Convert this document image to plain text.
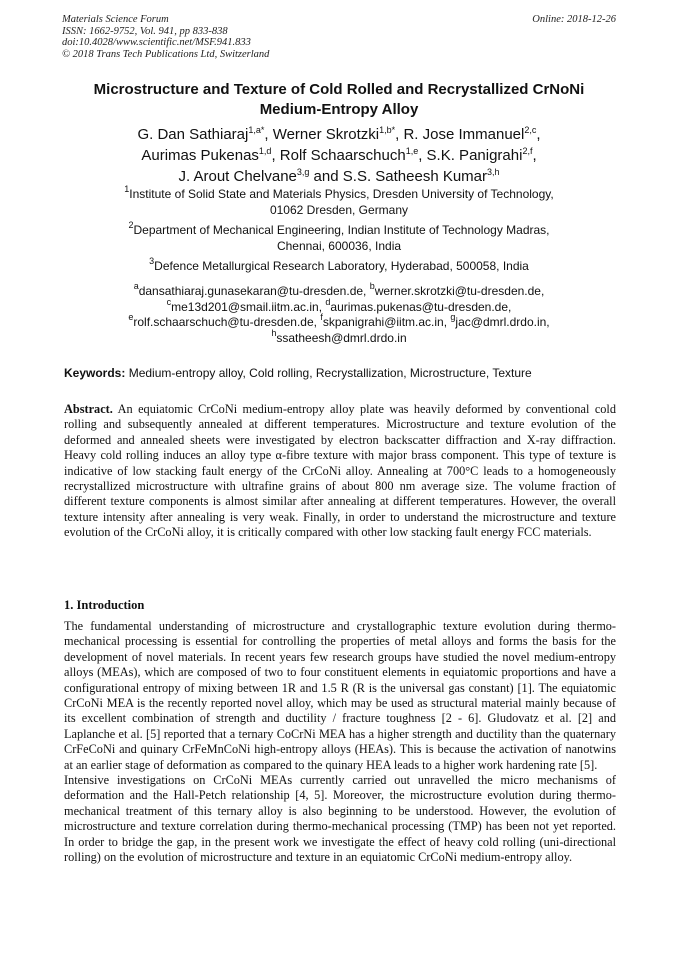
Materials Science Forum
ISSN: 1662-9752, Vol. 941, pp 833-838
doi:10.4028/www.scientific.net/MSF.941.833
© 2018 Trans Tech Publications Ltd, Switzerland
Online: 2018-12-26
Microstructure and Texture of Cold Rolled and Recrystallized CrNoNi
Medium-Entropy Alloy
G. Dan Sathiaraj$^{1,a*}$, Werner Skrotzki$^{1,b*}$, R. Jose Immanuel$^{2,c}$,
Aurimas Pukenas$^{1,d}$, Rolf Schaarschuch$^{1,e}$, S.K. Panigrahi$^{2,f}$,
J. Arout Chelvane$^{3,g}$ and S.S. Satheesh Kumar$^{3,h}$
$^1$Institute of Solid State and Materials Physics, Dresden University of Technology,
01062 Dresden, Germany
$^2$Department of Mechanical Engineering, Indian Institute of Technology Madras,
Chennai, 600036, India
$^3$Defence Metallurgical Research Laboratory, Hyderabad, 500058, India
$^a$dansathiaraj.gunasekaran@tu-dresden.de, $^b$werner.skrotzki@tu-dresden.de,
$^c$me13d201@smail.iitm.ac.in, $^d$aurimas.pukenas@tu-dresden.de,
$^e$rolf.schaarschuch@tu-dresden.de, $^f$skpanigrahi@iitm.ac.in, $^g$jac@dmrl.drdo.in,
$^h$ssatheesh@dmrl.drdo.in
Keywords: Medium-entropy alloy, Cold rolling, Recrystallization, Microstructure, Texture
Abstract. An equiatomic CrCoNi medium-entropy alloy plate was heavily deformed by conventional cold rolling and subsequently annealed at different temperatures. Microstructure and texture evolution of the deformed and annealed sheets were investigated by electron backscatter diffraction and X-ray diffraction. Heavy cold rolling induces an alloy type α-fibre texture with major brass component. This type of texture is indicative of low stacking fault energy of the CrCoNi alloy. Annealing at 700°C leads to a homogeneously recrystallized microstructure with ultrafine grains of about 800 nm average size. The volume fraction of different texture components is almost similar after annealing at different temperatures. However, the overall texture intensity after annealing is very weak. Finally, in order to understand the microstructure and texture evolution of the CrCoNi alloy, it is critically compared with other low stacking fault energy FCC materials.
1. Introduction

The fundamental understanding of microstructure and crystallographic texture evolution during thermo-mechanical processing is essential for controlling the properties of metal alloys and forms the basis for the development of novel materials. In recent years few research groups have studied the novel medium-entropy alloys (MEAs), which are composed of two to four constituent elements in equiatomic proportions and have a configurational entropy of mixing between 1R and 1.5 R (R is the universal gas constant) [1]. The equiatomic CrCoNi MEA is the recently reported novel alloy, which may be used as structural material mainly because of its excellent combination of strength and ductility / fracture toughness [2 - 6]. Gludovatz et al. [2] and Laplanche et al. [5] reported that a ternary CoCrNi MEA has a higher strength and ductility than the quaternary CrFeCoNi and quinary CrFeMnCoNi high-entropy alloys (HEAs). This is because the activation of nanotwins at an earlier stage of deformation as compared to the quinary HEA leads to a higher work hardening rate [5].

Intensive investigations on CrCoNi MEAs currently carried out unravelled the micro mechanisms of deformation and the Hall-Petch relationship [4, 5]. Moreover, the microstructure evolution during thermo-mechanical treatment of this ternary alloy is also beginning to be understood. However, the evolution of microstructure and texture correlation during thermo-mechanical processing (TMP) has been not yet reported. In order to bridge the gap, in the present work we investigate the effect of heavy cold rolling (uni-directional rolling) on the evolution of microstructure and texture in an equiatomic CrCoNi medium-entropy alloy.
